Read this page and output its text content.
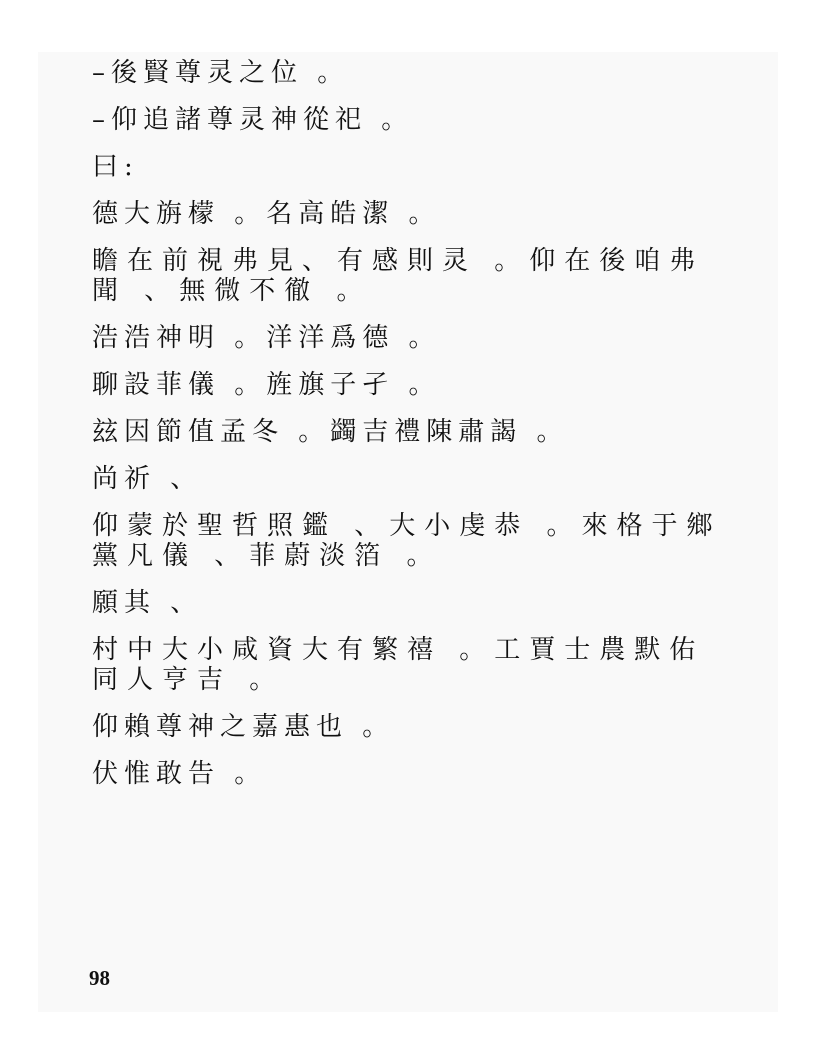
–後賢尊灵之位 。

–仰追諸尊灵神從祀 。

曰:

德大旃檬 。名高皓潔 。

瞻在前視弗見、有感則灵 。仰在後咱弗聞 、無微不徹 。

浩浩神明 。洋洋爲德 。

聊設菲儀 。旌旗子孑 。

玆因節值孟冬 。蠲吉禮陳肅謁 。

尚祈 、

仰蒙於聖哲照鑑 、大小虔恭 。來格于鄉黨凡儀 、菲蔚淡箔 。

願其 、

村中大小咸資大有繁禧 。工賈士農默佑同人亨吉 。

仰賴尊神之嘉惠也 。

伏惟敢告 。

98
